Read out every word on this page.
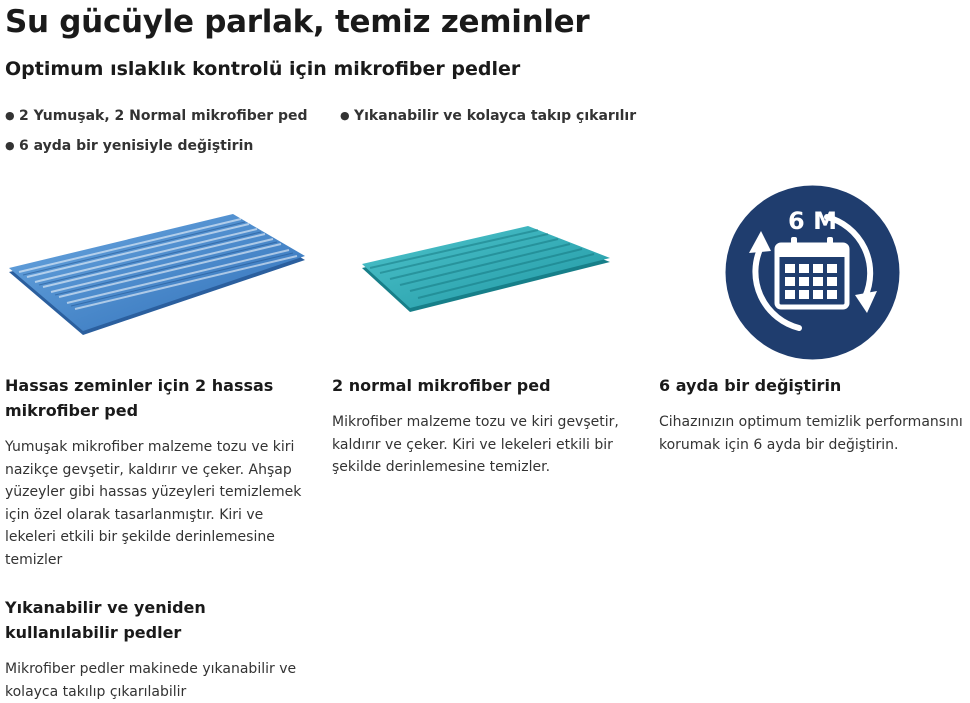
Su gücüyle parlak, temiz zeminler
Optimum ıslaklık kontrolü için mikrofiber pedler
● 2 Yumuşak, 2 Normal mikrofiber ped	● Yıkanabilir ve kolayca takıp çıkarılır
● 6 ayda bir yenisiyle değiştirin
6 M
Hassas zeminler için 2 hassas mikrofiber ped
Yumuşak mikrofiber malzeme tozu ve kiri nazikçe gevşetir, kaldırır ve çeker. Ahşap yüzeyler gibi hassas yüzeyleri temizlemek için özel olarak tasarlanmıştır. Kiri ve lekeleri etkili bir şekilde derinlemesine temizler
2 normal mikrofiber ped
Mikrofiber malzeme tozu ve kiri gevşetir, kaldırır ve çeker. Kiri ve lekeleri etkili bir şekilde derinlemesine temizler.
6 ayda bir değiştirin
Cihazınızın optimum temizlik performansını korumak için 6 ayda bir değiştirin.
Yıkanabilir ve yeniden kullanılabilir pedler
Mikrofiber pedler makinede yıkanabilir ve kolayca takılıp çıkarılabilir
